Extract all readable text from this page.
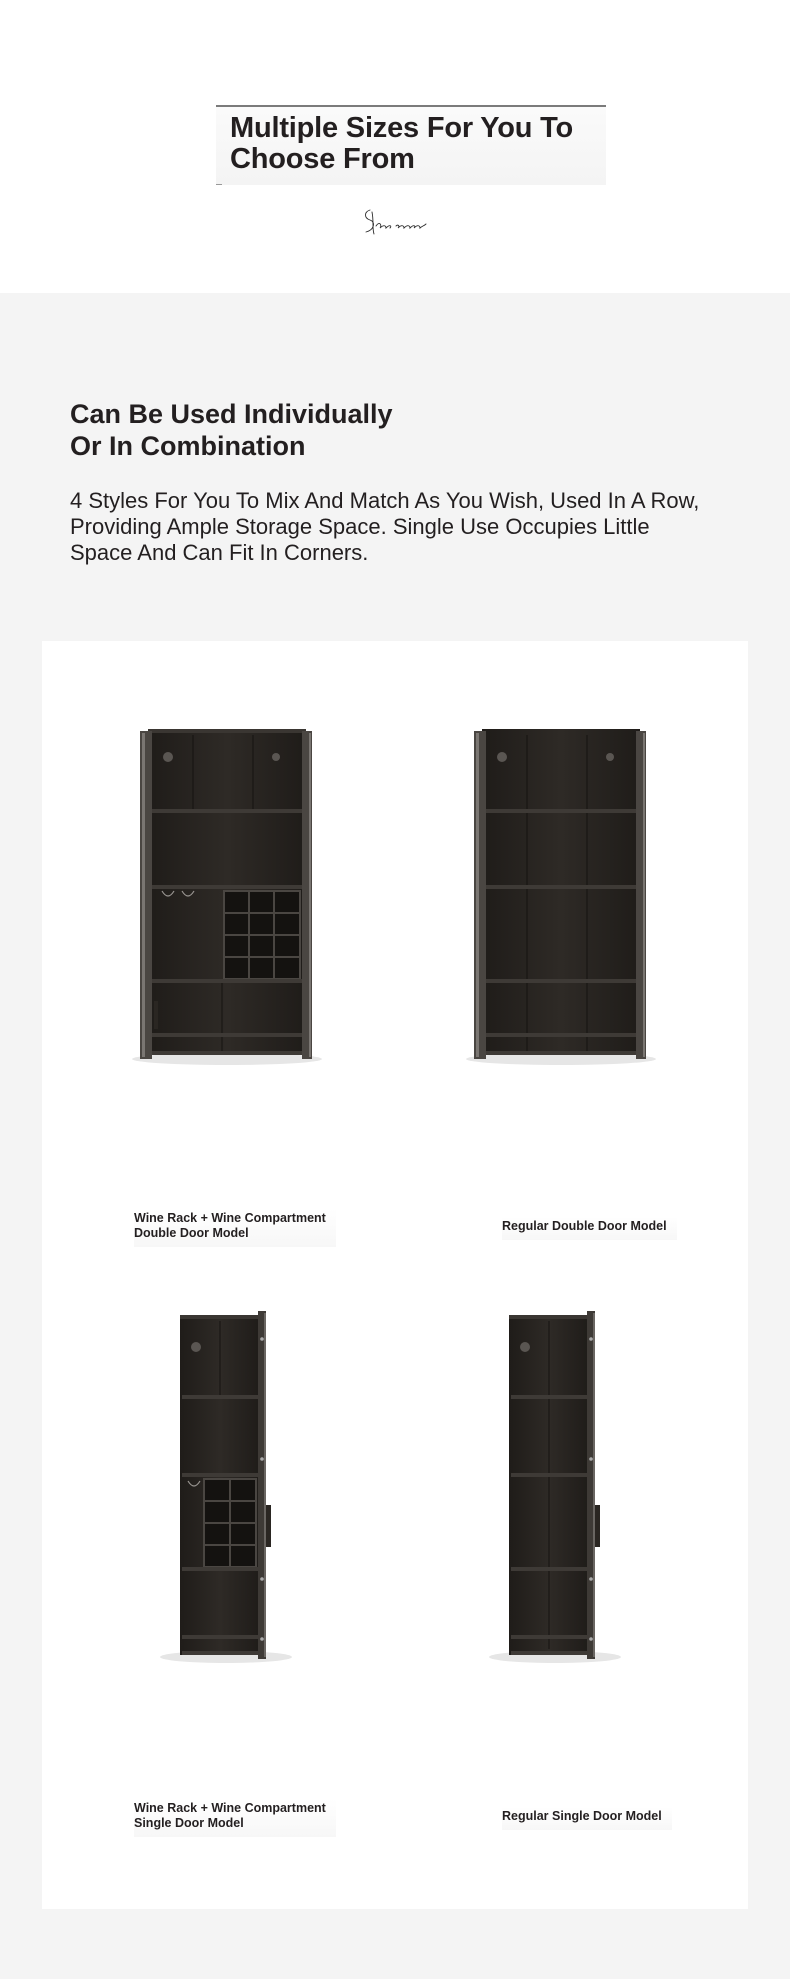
Multiple Sizes For You To
Choose From
Can Be Used Individually
Or In Combination

4 Styles For You To Mix And Match As You Wish, Used In A Row, Providing Ample Storage Space. Single Use Occupies Little Space And Can Fit In Corners.

Wine Rack + Wine Compartment
Double Door Model	Regular Double Door Model
Wine Rack + Wine Compartment
Single Door Model	Regular Single Door Model
